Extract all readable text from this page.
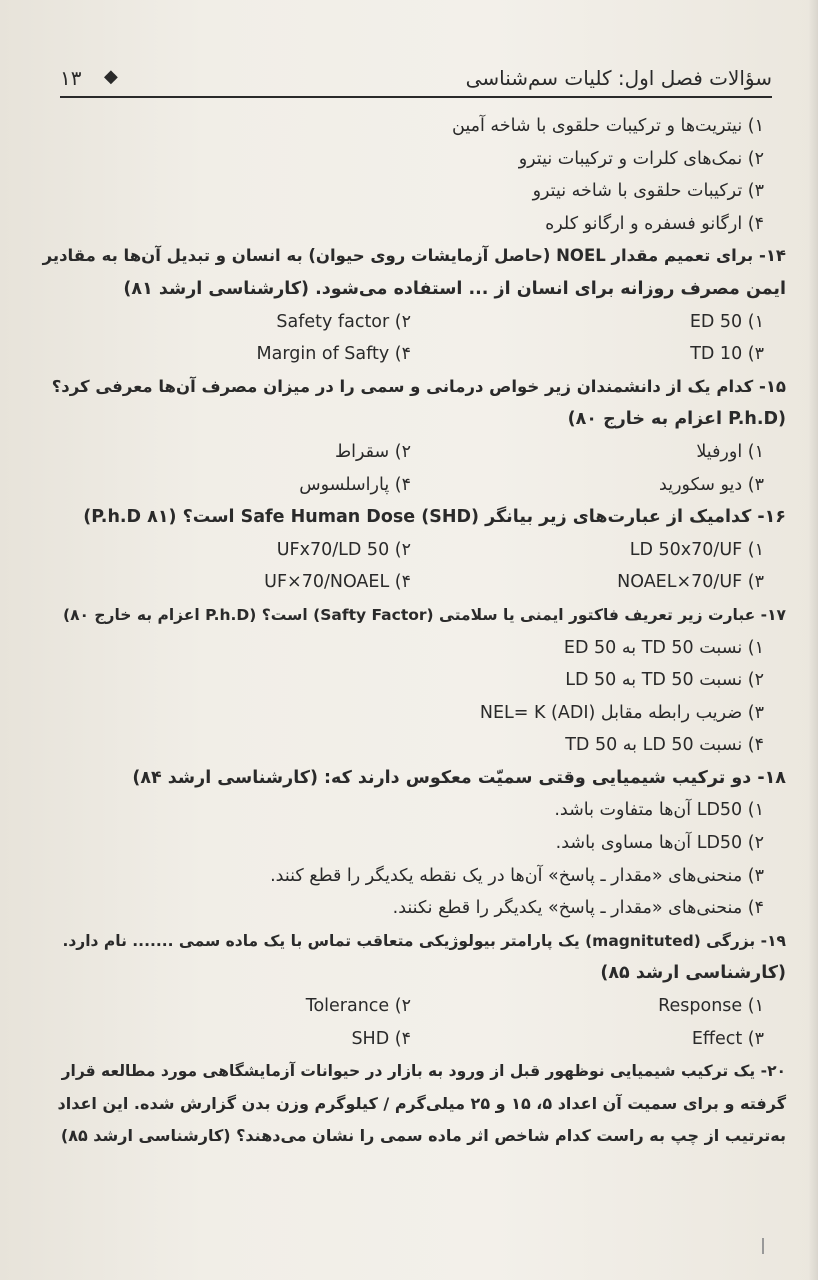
۱۳ ◆	سؤالات فصل اول: کلیات سم‌شناسی

۱) نیتریت‌ها و ترکیبات حلقوی با شاخه آمین

۲) نمک‌های کلرات و ترکیبات نیترو

۳) ترکیبات حلقوی با شاخه نیترو

۴) ارگانو فسفره و ارگانو کلره

۱۴- برای تعمیم مقدار NOEL (حاصل آزمایشات روی حیوان) به انسان و تبدیل آن‌ها به مقادیر

ایمن مصرف روزانه برای انسان از ... استفاده می‌شود. (کارشناسی ارشد ۸۱)

۱) ED 50
۲) Safety factor
۳) TD 10
۴) Margin of Safty

۱۵- کدام یک از دانشمندان زیر خواص درمانی و سمی را در میزان مصرف آن‌ها معرفی کرد؟

(P.h.D اعزام به خارج ۸۰)

۱) اورفیلا
۲) سقراط
۳) دیو سکورید
۴) پاراسلسوس

۱۶- کدامیک از عبارت‌های زیر بیانگر Safe Human Dose (SHD) است؟ (P.h.D ۸۱)

۱) LD 50x70/UF
۲) UFx70/LD 50
۳) NOAEL×70/UF
۴) UF×70/NOAEL

۱۷- عبارت زیر تعریف فاکتور ایمنی یا سلامتی (Safty Factor) است؟ (P.h.D اعزام به خارج ۸۰)

۱) نسبت TD 50 به ED 50

۲) نسبت TD 50 به LD 50

۳) ضریب رابطه مقابل NEL= K (ADI)

۴) نسبت LD 50 به TD 50

۱۸- دو ترکیب شیمیایی وقتی سمیّت معکوس دارند که: (کارشناسی ارشد ۸۴)

۱) LD50 آن‌ها متفاوت باشد.

۲) LD50 آن‌ها مساوی باشد.

۳) منحنی‌های «مقدار ـ پاسخ» آن‌ها در یک نقطه یکدیگر را قطع کنند.

۴) منحنی‌های «مقدار ـ پاسخ» یکدیگر را قطع نکنند.

۱۹- بزرگی (magnituted) یک پارامتر بیولوژیکی متعاقب تماس با یک ماده سمی ....... نام دارد.

(کارشناسی ارشد ۸۵)

۱) Response
۲) Tolerance
۳) Effect
۴) SHD

۲۰- یک ترکیب شیمیایی نوظهور قبل از ورود به بازار در حیوانات آزمایشگاهی مورد مطالعه قرار

گرفته و برای سمیت آن اعداد ۵، ۱۵ و ۲۵ میلی‌گرم / کیلوگرم وزن بدن گزارش شده. این اعداد

به‌ترتیب از چپ به راست کدام شاخص اثر ماده سمی را نشان می‌دهند؟ (کارشناسی ارشد ۸۵)
